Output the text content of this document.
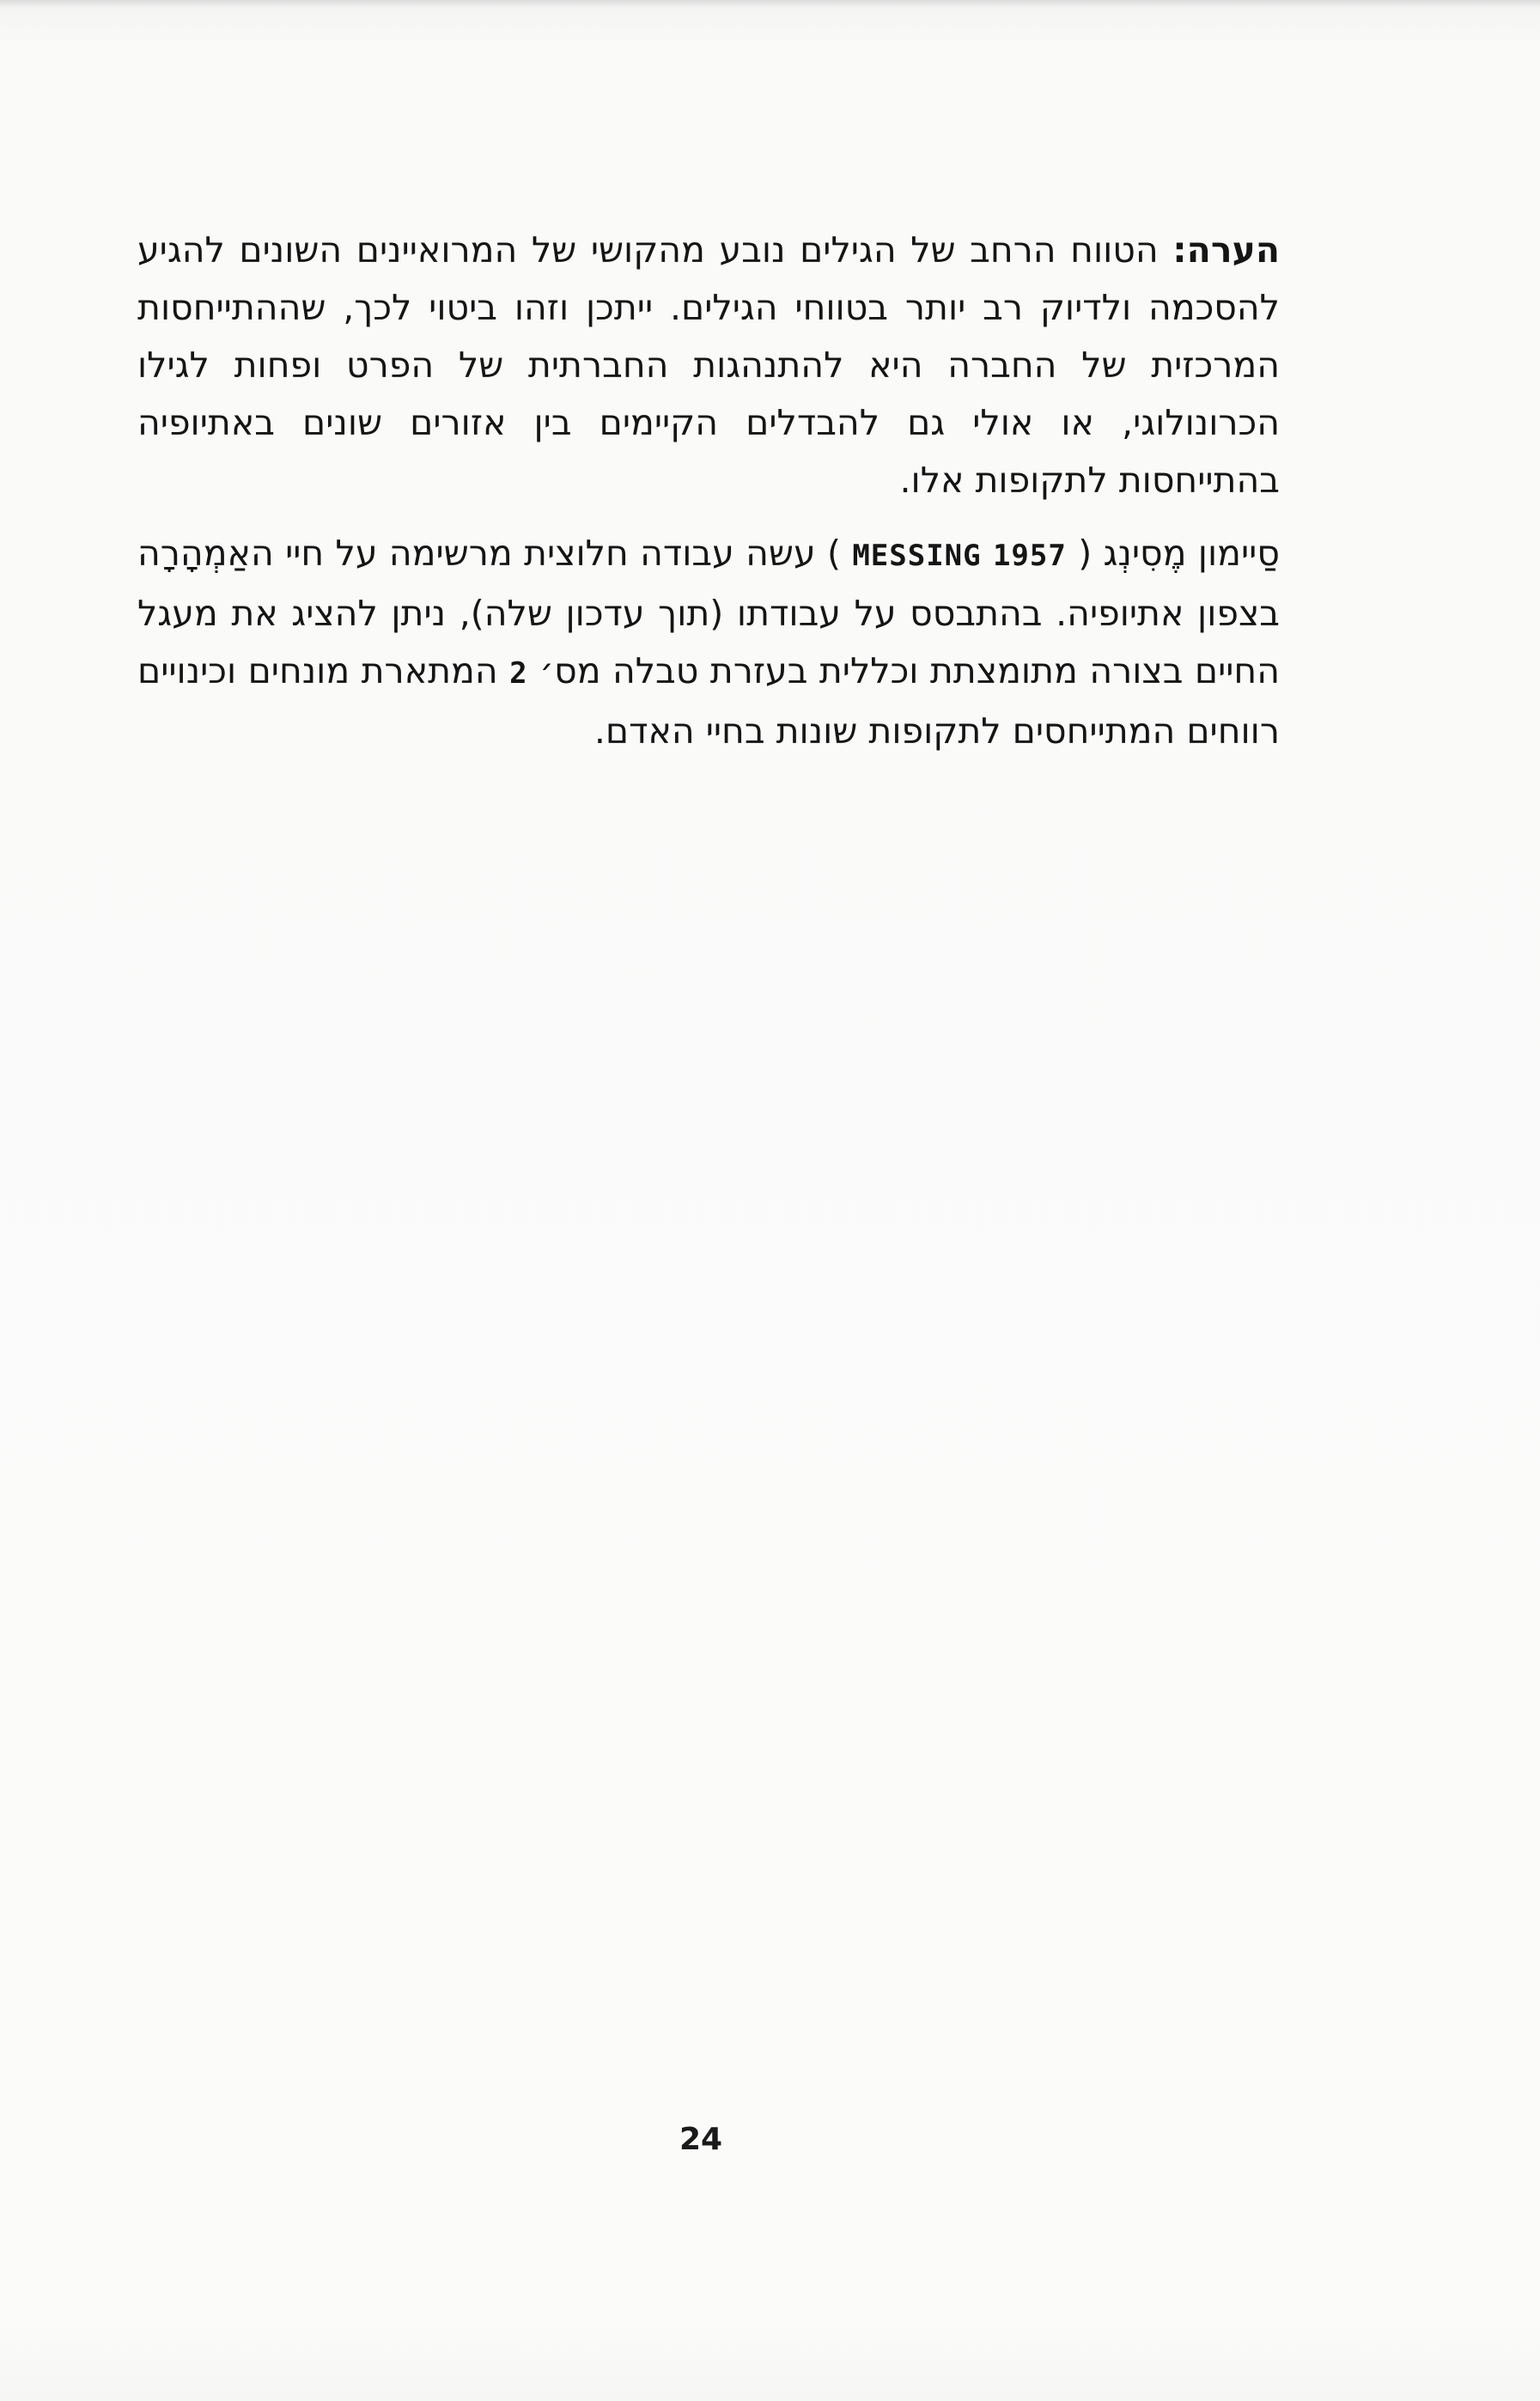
הערה: הטווח הרחב של הגילים נובע מהקושי של המרואיינים השונים להגיע להסכמה ולדיוק רב יותר בטווחי הגילים. ייתכן וזהו ביטוי לכך, שההתייחסות המרכזית של החברה היא להתנהגות החברתית של הפרט ופחות לגילו הכרונולוגי, או אולי גם להבדלים הקיימים בין אזורים שונים באתיופיה בהתייחסות לתקופות אלו.

סַיימון מֶסִינְג ( MESSING 1957 ) עשה עבודה חלוצית מרשימה על חיי האַמְהָרָה בצפון אתיופיה. בהתבסס על עבודתו (תוך עדכון שלה), ניתן להציג את מעגל החיים בצורה מתומצתת וכללית בעזרת טבלה מס׳ 2 המתארת מונחים וכינויים רווחים המתייחסים לתקופות שונות בחיי האדם.

24
